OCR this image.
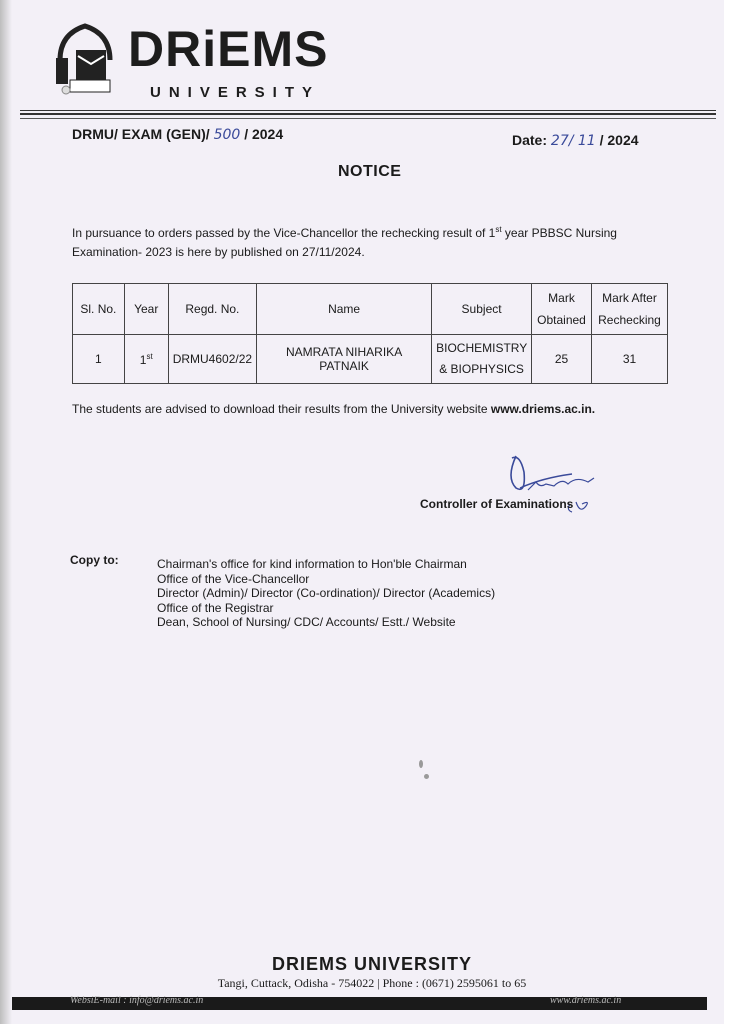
DRiEMS
UNIVERSITY
DRMU/ EXAM (GEN)/ 500 / 2024	Date: 27/ 11 / 2024
NOTICE
In pursuance to orders passed by the Vice-Chancellor the rechecking result of 1st year PBBSC Nursing Examination- 2023 is here by published on 27/11/2024.
Sl. No.	Year	Regd. No.	Name	Subject	Mark Obtained	Mark After Rechecking
1	1st	DRMU4602/22	NAMRATA NIHARIKA PATNAIK	BIOCHEMISTRY & BIOPHYSICS	25	31
The students are advised to download their results from the University website www.driems.ac.in.
Controller of Examinations
Copy to:	Chairman's office for kind information to Hon'ble Chairman
Office of the Vice-Chancellor
Director (Admin)/ Director (Co-ordination)/ Director (Academics)
Office of the Registrar
Dean, School of Nursing/ CDC/ Accounts/ Estt./ Website
DRIEMS UNIVERSITY
Tangi, Cuttack, Odisha - 754022 | Phone : (0671) 2595061 to 65
WebsiE-mail : info@driems.ac.in	www.driems.ac.in
